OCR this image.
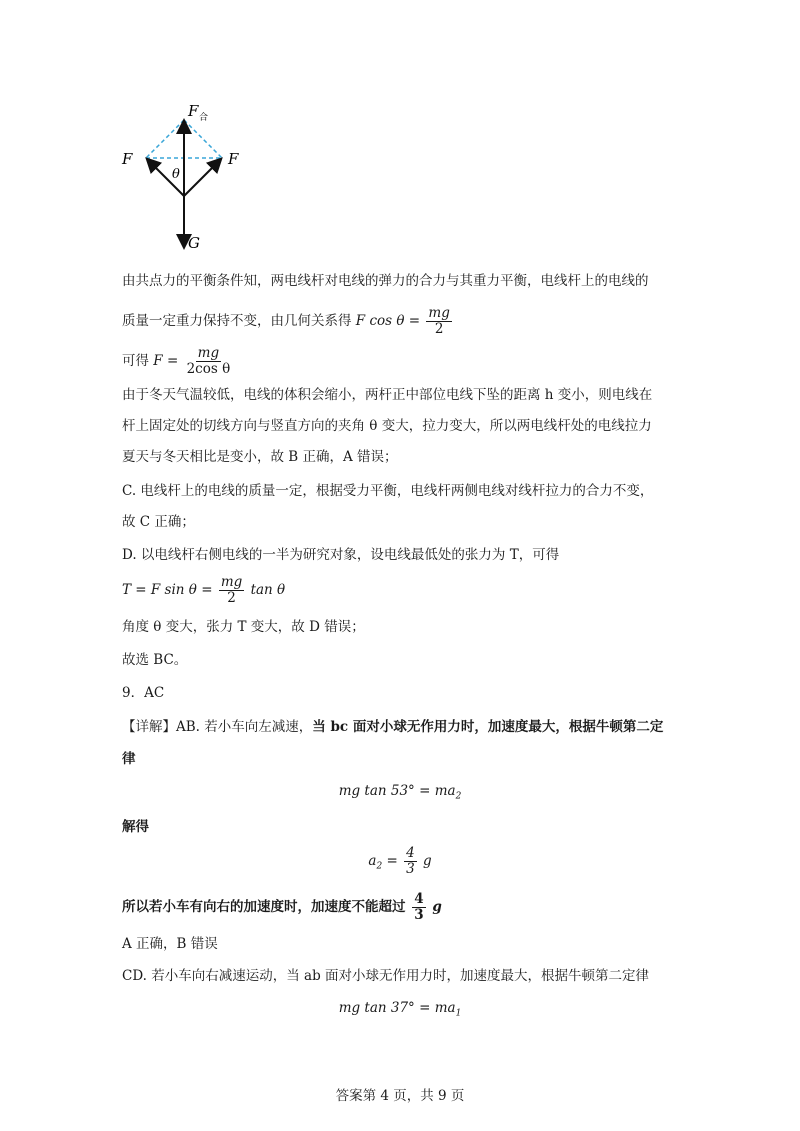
F 合
F	F
θ
G
由共点力的平衡条件知，两电线杆对电线的弹力的合力与其重力平衡，电线杆上的电线的
质量一定重力保持不变，由几何关系得 F $\cos \theta = \frac{mg}{2}$
可得 $F = \frac{mg}{\text{2cos θ}}$
由于冬天气温较低，电线的体积会缩小，两杆正中部位电线下坠的距离 h 变小，则电线在
杆上固定处的切线方向与竖直方向的夹角 θ 变大，拉力变大，所以两电线杆处的电线拉力
夏天与冬天相比是变小，故 B 正确，A 错误；
C. 电线杆上的电线的质量一定，根据受力平衡，电线杆两侧电线对线杆拉力的合力不变，
故 C 正确；
D. 以电线杆右侧电线的一半为研究对象，设电线最低处的张力为 T，可得
T = F $\sin \theta = \frac{mg}{2}$ tan θ
角度 θ 变大，张力 T 变大，故 D 错误；
故选 BC。
9．AC
【详解】AB. 若小车向左减速，当 bc 面对小球无作用力时，加速度最大，根据牛顿第二定
律
mg $\tan 53^\circ = ma_2$
解得
$a_2 = \frac{4}{3}$ g
所以若小车有向右的加速度时，加速度不能超过 $\frac{4}{3}$ g
A 正确，B 错误
CD. 若小车向右减速运动，当 ab 面对小球无作用力时，加速度最大，根据牛顿第二定律
mg $\tan 37^\circ = ma_1$
答案第 4 页，共 9 页
